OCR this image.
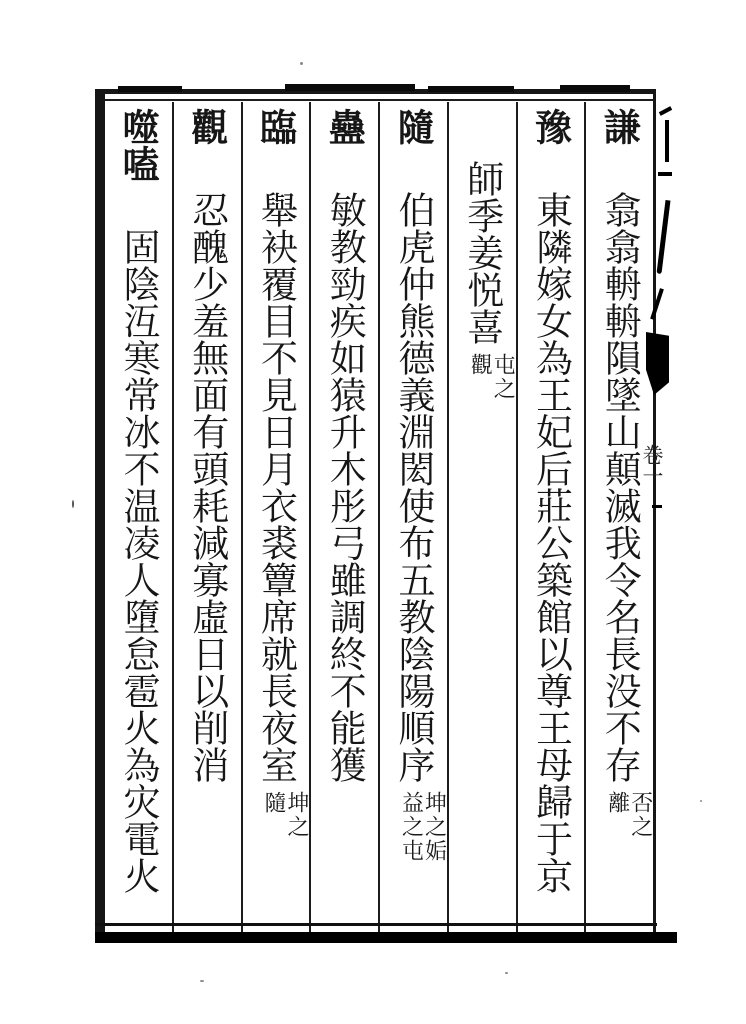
謙翕翕輈輈隕墜山顛滅我令名長没不存
否之
離
豫東隣嫁女為王妃后莊公築館以尊王母歸于京
師季姜悦喜
屯之
觀
隨伯虎仲熊德義淵閎使布五教陰陽順序
坤之姤
益之屯
蠱敏教勁疾如猿升木彤弓雖調終不能獲
臨舉袂覆目不見日月衣裘簟席就長夜室
坤之
隨
觀忍醜少羞無面有頭耗減寡虛日以削消
噬嗑固陰沍寒常冰不温凌人墮怠雹火為灾電火	卷一
